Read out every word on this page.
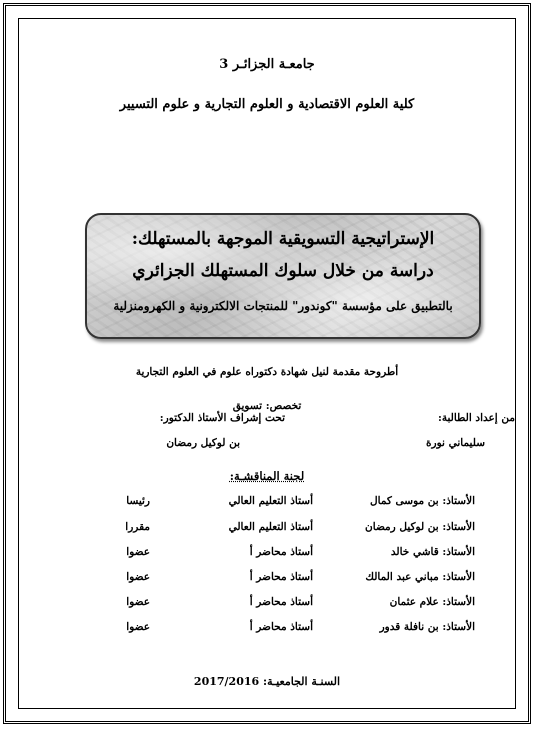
جامعـة الجزائـر 3
كلية العلوم الاقتصادية و العلوم التجارية و علوم التسيير
الإستراتيجية التسويقية الموجهة بالمستهلك:
دراسة من خلال سلوك المستهلك الجزائري
بالتطبيق على مؤسسة "كوندور" للمنتجات الالكترونية و الكهرومنزلية
أطروحة مقدمة لنيل شهادة دكتوراه علوم في العلوم التجارية
تخصص: تسويق
من إعداد الطالبة:
سليماني نورة
تحت إشراف الأستاذ الدكتور:
بن لوكيل رمضان
لجنة المناقشـة:
الأستاذ: بن موسى كمال
أستاذ التعليم العالي
رئيسا
الأستاذ: بن لوكيل رمضان
أستاذ التعليم العالي
مقررا
الأستاذ: قاشي خالد
أستاذ محاضر أ
عضوا
الأستاذ: مباني عبد المالك
أستاذ محاضر أ
عضوا
الأستاذ: علام عثمان
أستاذ محاضر أ
عضوا
الأستاذ: بن نافلة قدور
أستاذ محاضر أ
عضوا
السنـة الجامعيـة: 2017/2016
